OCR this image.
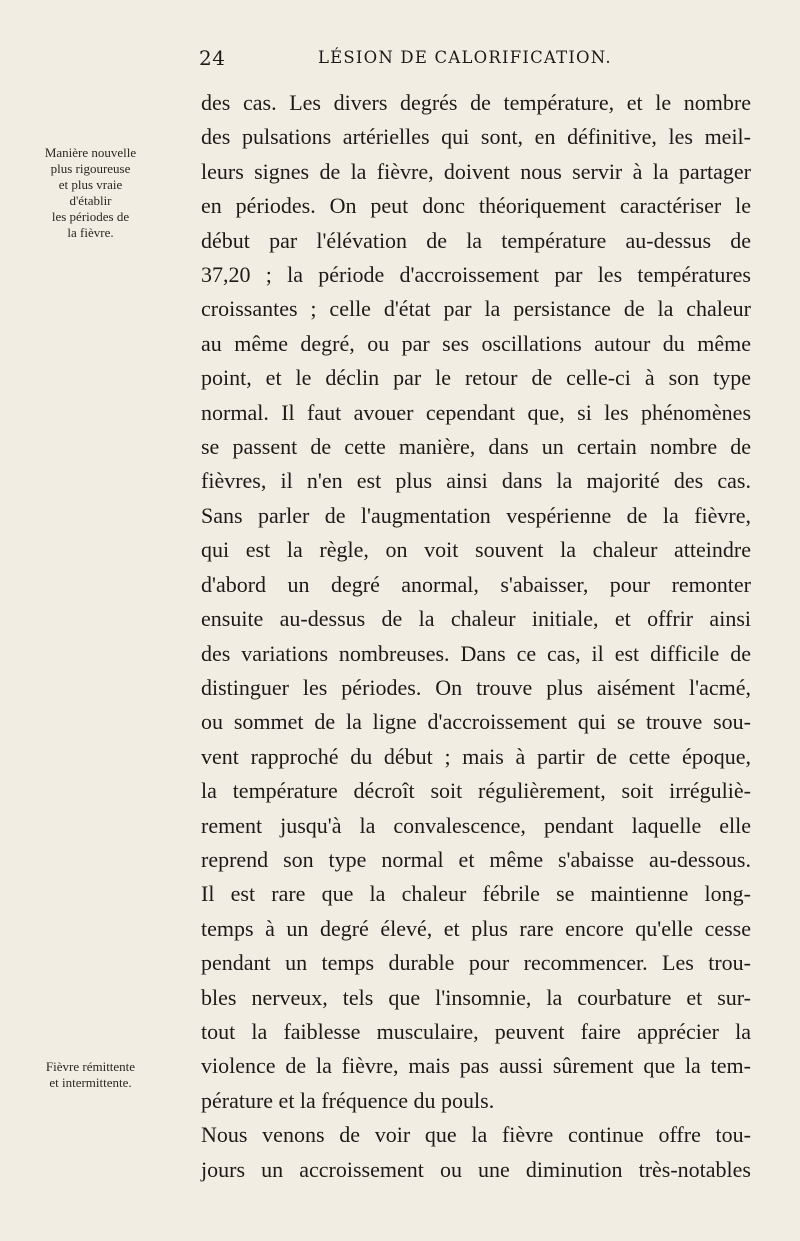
24	LÉSION DE CALORIFICATION.
Manière nouvelle
plus rigoureuse
et plus vraie
d'établir
les périodes de
la fièvre.
Fièvre rémittente
et intermittente.
des cas. Les divers degrés de température, et le nombre
des pulsations artérielles qui sont, en définitive, les meil-
leurs signes de la fièvre, doivent nous servir à la partager
en périodes. On peut donc théoriquement caractériser le
début par l'élévation de la température au-dessus de
37,20 ; la période d'accroissement par les températures
croissantes ; celle d'état par la persistance de la chaleur
au même degré, ou par ses oscillations autour du même
point, et le déclin par le retour de celle-ci à son type
normal. Il faut avouer cependant que, si les phénomènes
se passent de cette manière, dans un certain nombre de
fièvres, il n'en est plus ainsi dans la majorité des cas.
Sans parler de l'augmentation vespérienne de la fièvre,
qui est la règle, on voit souvent la chaleur atteindre
d'abord un degré anormal, s'abaisser, pour remonter
ensuite au-dessus de la chaleur initiale, et offrir ainsi
des variations nombreuses. Dans ce cas, il est difficile de
distinguer les périodes. On trouve plus aisément l'acmé,
ou sommet de la ligne d'accroissement qui se trouve sou-
vent rapproché du début ; mais à partir de cette époque,
la température décroît soit régulièrement, soit irréguliè-
rement jusqu'à la convalescence, pendant laquelle elle
reprend son type normal et même s'abaisse au-dessous.
Il est rare que la chaleur fébrile se maintienne long-
temps à un degré élevé, et plus rare encore qu'elle cesse
pendant un temps durable pour recommencer. Les trou-
bles nerveux, tels que l'insomnie, la courbature et sur-
tout la faiblesse musculaire, peuvent faire apprécier la
violence de la fièvre, mais pas aussi sûrement que la tem-
pérature et la fréquence du pouls.
Nous venons de voir que la fièvre continue offre tou-
jours un accroissement ou une diminution très-notables
